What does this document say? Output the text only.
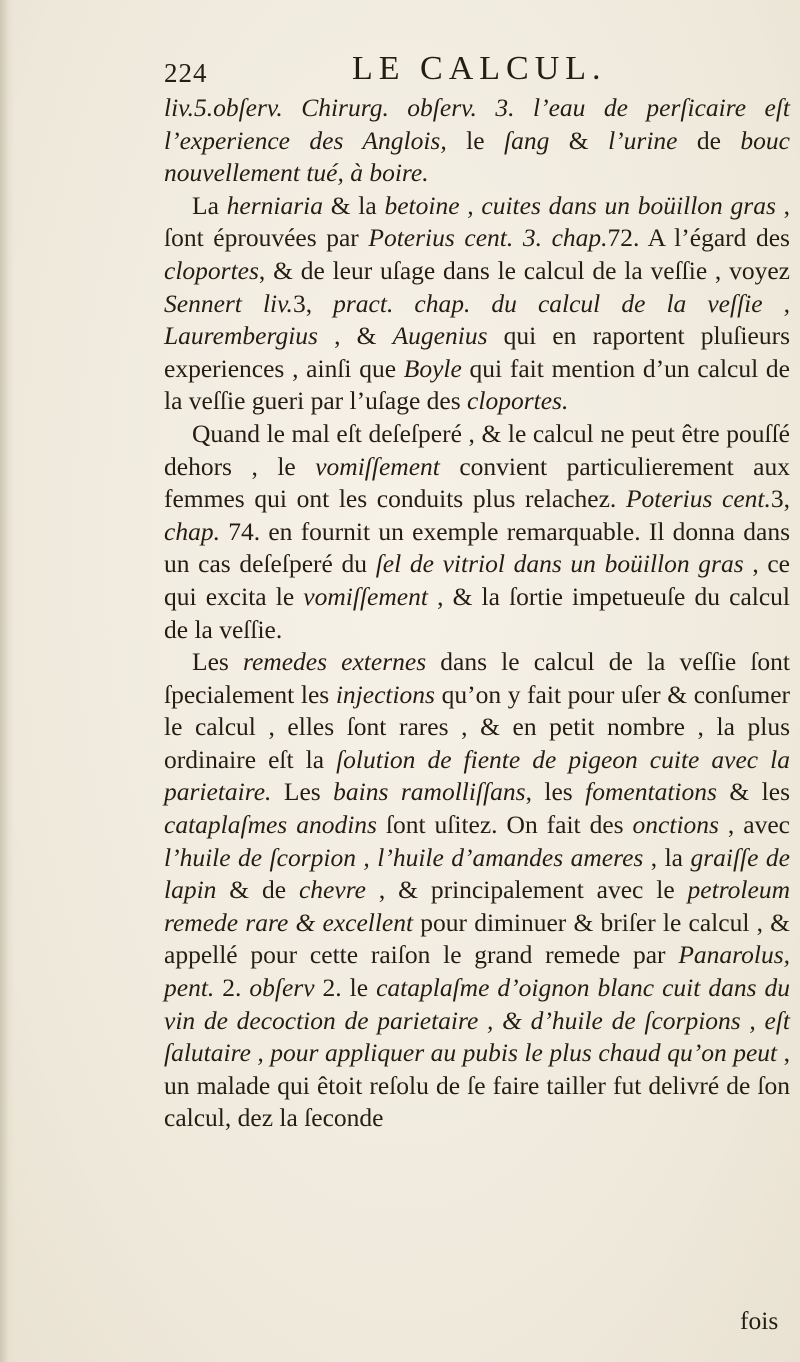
224	LE CALCUL.

liv.5.obſerv. Chirurg. obſerv. 3. l’eau de perſicaire eſt l’experience des Anglois, le ſang & l’urine de bouc nouvellement tué, à boire.

La herniaria & la betoine , cuites dans un boüillon gras , ſont éprouvées par Poterius cent. 3. chap.72. A l’égard des cloportes, & de leur uſage dans le calcul de la veſſie , voyez Sennert liv.3, pract. chap. du calcul de la veſſie , Laurembergius , & Augenius qui en raportent pluſieurs experiences , ainſi que Boyle qui fait mention d’un calcul de la veſſie gueri par l’uſage des cloportes.

Quand le mal eſt deſeſperé , & le calcul ne peut être pouſſé dehors , le vomiſſement convient particulierement aux femmes qui ont les conduits plus relachez. Poterius cent.3, chap. 74. en fournit un exemple remarquable. Il donna dans un cas deſeſperé du ſel de vitriol dans un boüillon gras , ce qui excita le vomiſſement , & la ſortie impetueuſe du calcul de la veſſie.

Les remedes externes dans le calcul de la veſſie ſont ſpecialement les injections qu’on y fait pour uſer & conſumer le calcul , elles ſont rares , & en petit nombre , la plus ordinaire eſt la ſolution de fiente de pigeon cuite avec la parietaire. Les bains ramolliſſans, les fomentations & les cataplaſmes anodins ſont uſitez. On fait des onctions , avec l’huile de ſcorpion , l’huile d’amandes ameres , la graiſſe de lapin & de chevre , & principalement avec le petroleum remede rare & excellent pour diminuer & briſer le calcul , & appellé pour cette raiſon le grand remede par Panarolus, pent. 2. obſerv 2. le cataplaſme d’oignon blanc cuit dans du vin de decoction de parietaire , & d’huile de ſcorpions , eſt ſalutaire , pour appliquer au pubis le plus chaud qu’on peut , un malade qui êtoit reſolu de ſe faire tailler fut delivré de ſon calcul, dez la ſeconde

fois
